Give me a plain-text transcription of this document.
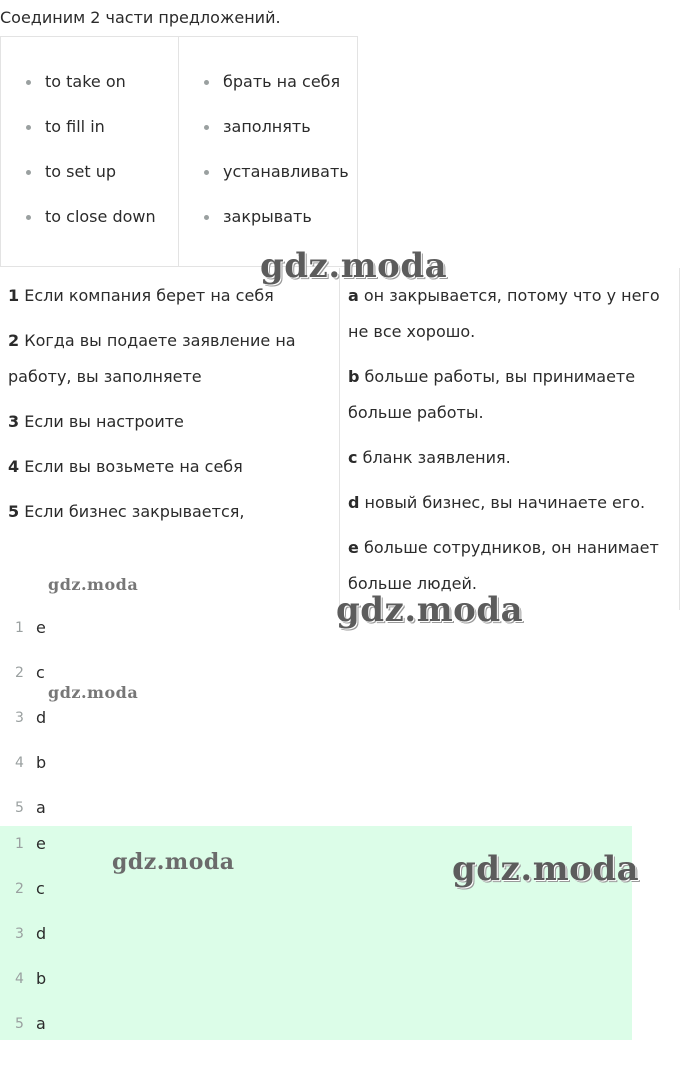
Соединим 2 части предложений.
to take on
to fill in
to set up
to close down
брать на себя
заполнять
устанавливать
закрывать

1 Если компания берет на себя

2 Когда вы подаете заявление на работу, вы заполняете

3 Если вы настроите

4 Если вы возьмете на себя

5 Если бизнес закрывается,

a он закрывается, потому что у него не все хорошо.

b больше работы, вы принимаете больше работы.

c бланк заявления.

d новый бизнес, вы начинаете его.

e больше сотрудников, он нанимает больше людей.

1 e
2 c
3 d
4 b
5 a
1 e
2 c
3 d
4 b
5 a
gdz.moda
gdz.moda
gdz.moda
gdz.moda
gdz.moda	gdz.moda
